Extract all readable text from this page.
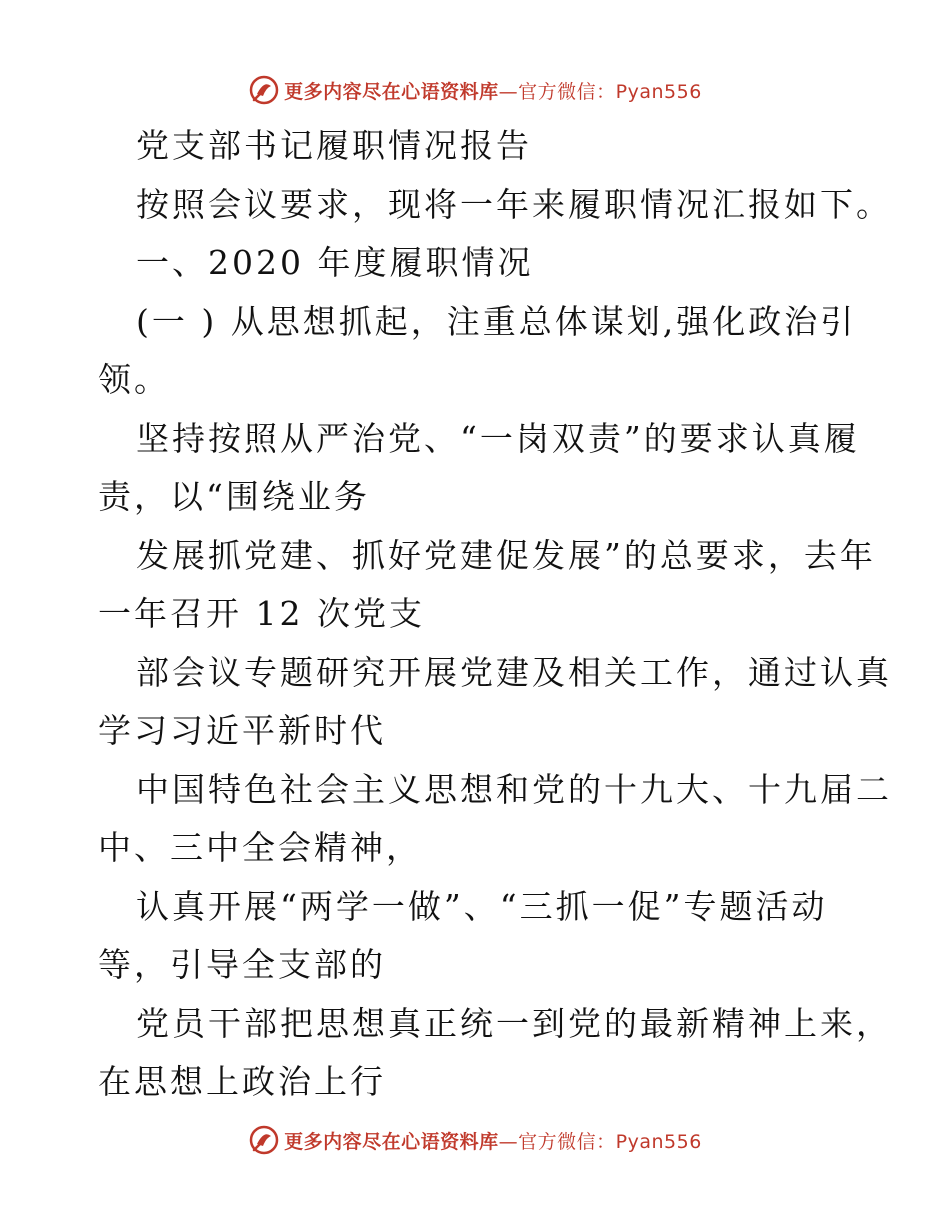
更多内容尽在心语资料库—官方微信：Pyan556
党支部书记履职情况报告
按照会议要求，现将一年来履职情况汇报如下。
一、2020 年度履职情况
(一 ) 从思想抓起，注重总体谋划,强化政治引
领。
坚持按照从严治党、“一岗双责”的要求认真履
责，以“围绕业务
发展抓党建、抓好党建促发展”的总要求，去年
一年召开 12 次党支
部会议专题研究开展党建及相关工作，通过认真
学习习近平新时代
中国特色社会主义思想和党的十九大、十九届二
中、三中全会精神，
认真开展“两学一做”、“三抓一促”专题活动
等，引导全支部的
党员干部把思想真正统一到党的最新精神上来，
在思想上政治上行
更多内容尽在心语资料库—官方微信：Pyan556
